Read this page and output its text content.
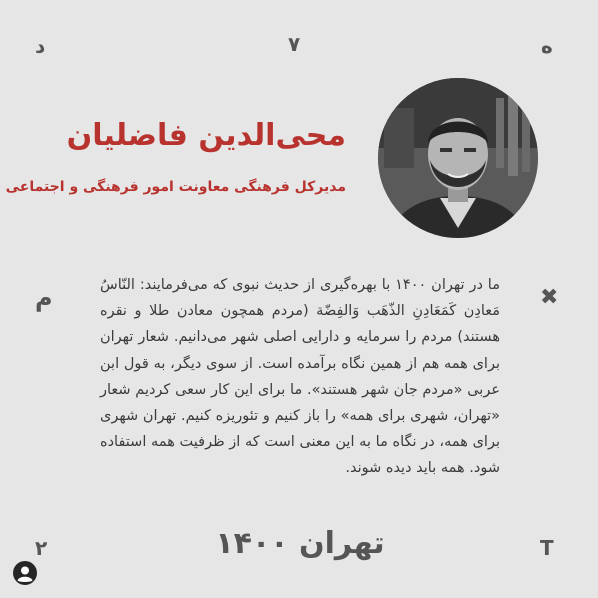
د	۷	ه
م	✖
۲	T
محی‌الدین فاضلیان
مدیرکل فرهنگی معاونت امور فرهنگی و اجتماعی
ما در تهران ۱۴۰۰ با بهره‌گیری از حدیث نبوی که می‌فرمایند: النّاسُ مَعادِن کَمَعَادِنِ الذّهَب وَالفِضّة (مردم همچون معادن طلا و نقره هستند) مردم را سرمایه و دارایی اصلی شهر می‌دانیم. شعار تهران برای همه هم از همین نگاه برآمده است. از سوی دیگر، به قول ابن عربی «مردم جان شهر هستند». ما برای این کار سعی کردیم شعار «تهران، شهری برای همه» را باز کنیم و تئوریزه کنیم. تهران شهری برای همه، در نگاه ما به این معنی است که از ظرفیت همه استفاده شود. همه باید دیده شوند.
تهران ۱۴۰۰
